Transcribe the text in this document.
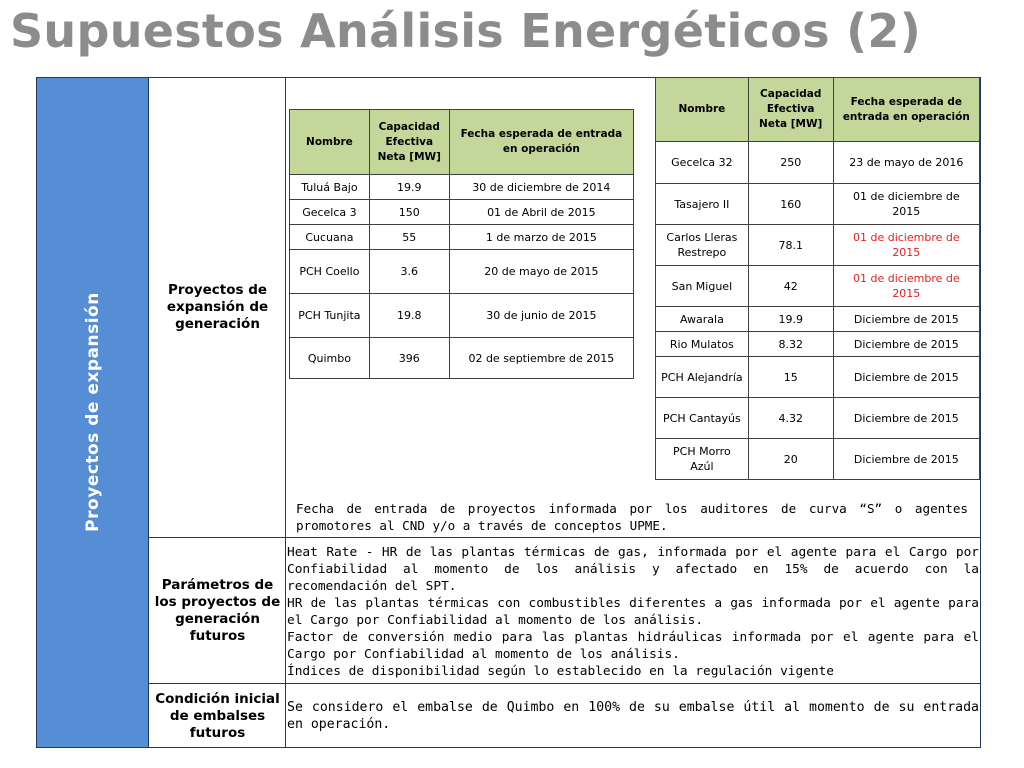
Supuestos Análisis Energéticos (2)
Proyectos de expansión
Proyectos de expansión de generación
Parámetros de los proyectos de generación futuros
Condición inicial de embalses futuros
Nombre	Capacidad Efectiva Neta [MW]	Fecha esperada de entrada en operación
Tuluá Bajo	19.9	30 de diciembre de 2014
Gecelca 3	150	01 de Abril de 2015
Cucuana	55	1 de marzo de 2015
PCH Coello	3.6	20 de mayo de 2015
PCH Tunjita	19.8	30 de junio de 2015
Quimbo	396	02 de septiembre de 2015
Nombre	Capacidad Efectiva Neta [MW]	Fecha esperada de entrada en operación
Gecelca 32	250	23 de mayo de 2016
Tasajero II	160	01 de diciembre de 2015
Carlos Lleras Restrepo	78.1	01 de diciembre de 2015
San Miguel	42	01 de diciembre de 2015
Awarala	19.9	Diciembre de 2015
Rio Mulatos	8.32	Diciembre de 2015
PCH Alejandría	15	Diciembre de 2015
PCH Cantayús	4.32	Diciembre de 2015
PCH Morro Azúl	20	Diciembre de 2015
Fecha de entrada de proyectos informada por los auditores de curva “S” o agentes promotores al CND y/o a través de conceptos UPME.
Heat Rate - HR de las plantas térmicas de gas, informada por el agente para el Cargo por Confiabilidad al momento de los análisis y afectado en 15% de acuerdo con la recomendación del SPT.
HR de las plantas térmicas con combustibles diferentes a gas informada por el agente para el Cargo por Confiabilidad al momento de los análisis.
Factor de conversión medio para las plantas hidráulicas informada por el agente para el Cargo por Confiabilidad al momento de los análisis.
Índices de disponibilidad según lo establecido en la regulación vigente
Se considero el embalse de Quimbo en 100% de su embalse útil al momento de su entrada en operación.
